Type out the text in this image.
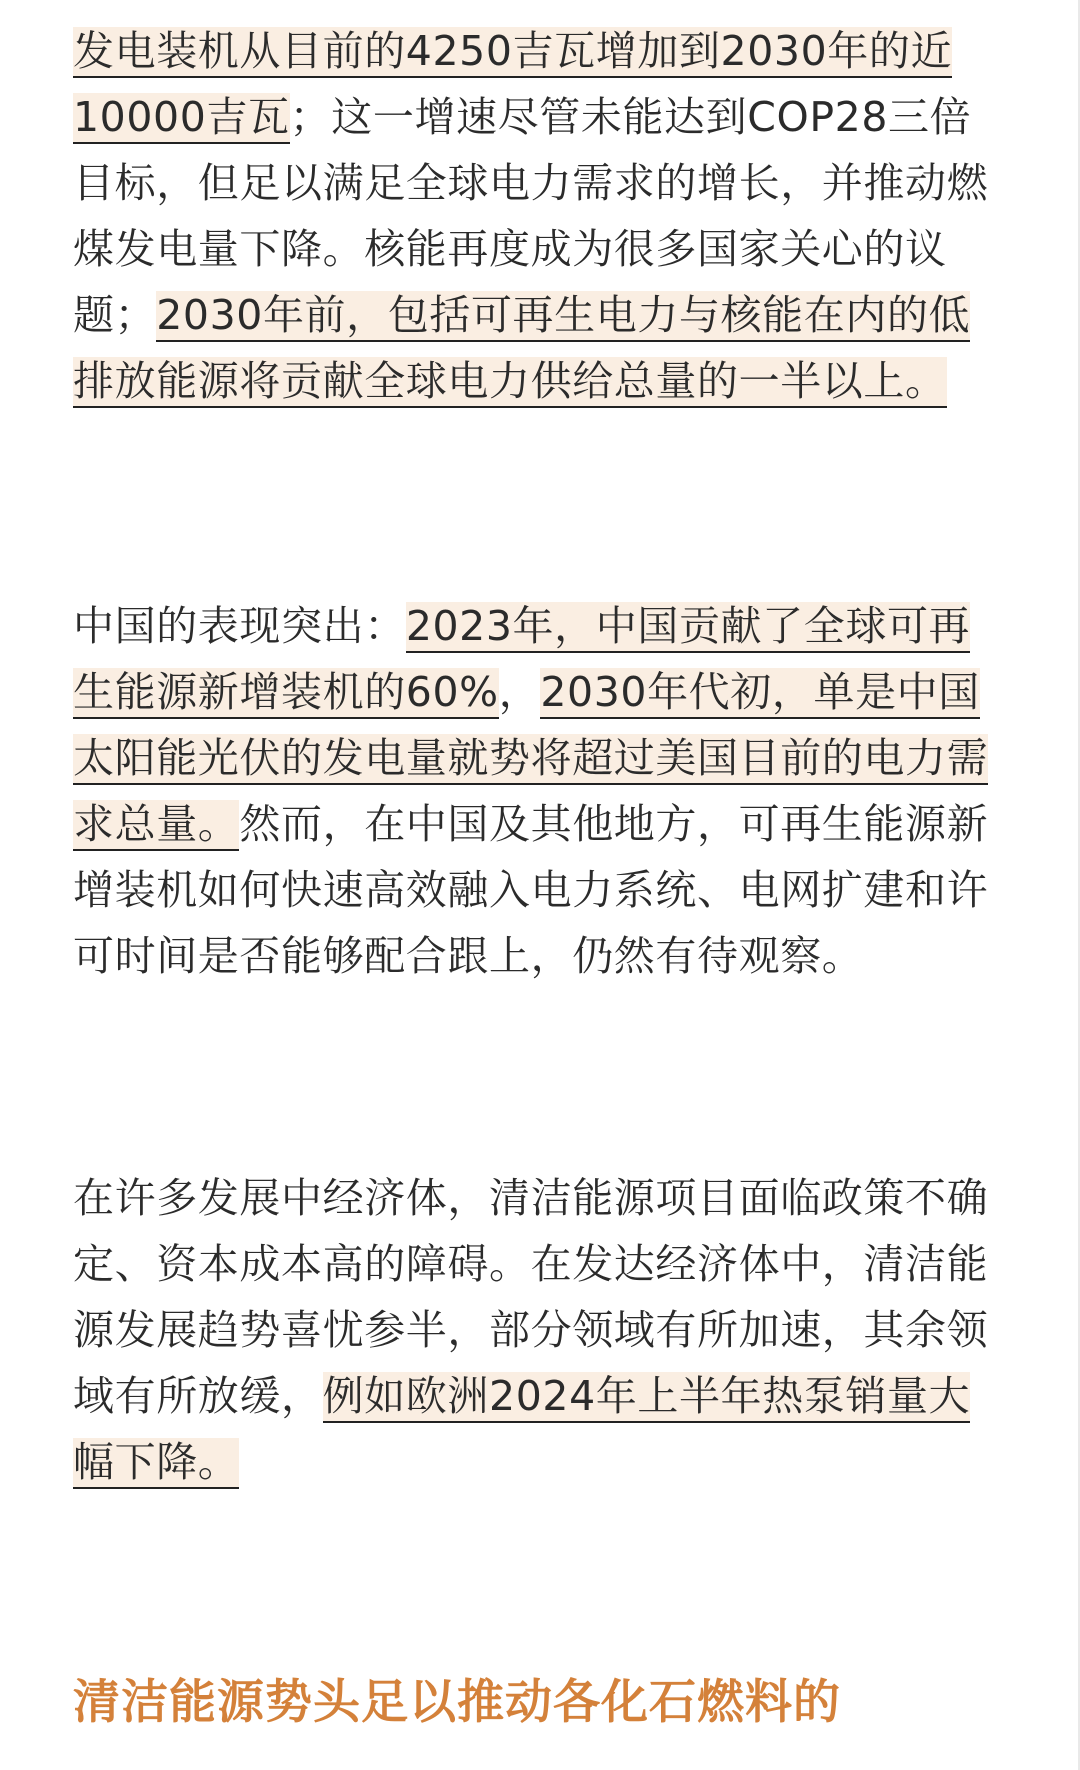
发电装机从目前的4250吉瓦增加到2030年的近10000吉瓦；这一增速尽管未能达到COP28三倍目标，但足以满足全球电力需求的增长，并推动燃煤发电量下降。核能再度成为很多国家关心的议题；2030年前，包括可再生电力与核能在内的低排放能源将贡献全球电力供给总量的一半以上。

中国的表现突出：2023年，中国贡献了全球可再生能源新增装机的60%，2030年代初，单是中国太阳能光伏的发电量就势将超过美国目前的电力需求总量。然而，在中国及其他地方，可再生能源新增装机如何快速高效融入电力系统、电网扩建和许可时间是否能够配合跟上，仍然有待观察。

在许多发展中经济体，清洁能源项目面临政策不确定、资本成本高的障碍。在发达经济体中，清洁能源发展趋势喜忧参半，部分领域有所加速，其余领域有所放缓，例如欧洲2024年上半年热泵销量大幅下降。

清洁能源势头足以推动各化石燃料的
